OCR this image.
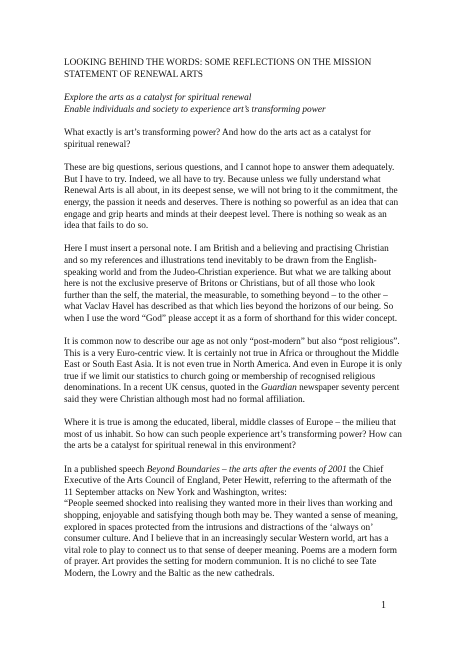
LOOKING BEHIND THE WORDS: SOME REFLECTIONS ON THE MISSION STATEMENT OF RENEWAL ARTS
Explore the arts as a catalyst for spiritual renewal
Enable individuals and society to experience art’s transforming power

What exactly is art’s transforming power? And how do the arts act as a catalyst for spiritual renewal?

These are big questions, serious questions, and I cannot hope to answer them adequately. But I have to try. Indeed, we all have to try. Because unless we fully understand what Renewal Arts is all about, in its deepest sense, we will not bring to it the commitment, the energy, the passion it needs and deserves. There is nothing so powerful as an idea that can engage and grip hearts and minds at their deepest level. There is nothing so weak as an idea that fails to do so.

Here I must insert a personal note. I am British and a believing and practising Christian and so my references and illustrations tend inevitably to be drawn from the English-speaking world and from the Judeo-Christian experience. But what we are talking about here is not the exclusive preserve of Britons or Christians, but of all those who look further than the self, the material, the measurable, to something beyond – to the other – what Vaclav Havel has described as that which lies beyond the horizons of our being. So when I use the word “God” please accept it as a form of shorthand for this wider concept.

It is common now to describe our age as not only “post-modern” but also “post religious”. This is a very Euro-centric view. It is certainly not true in Africa or throughout the Middle East or South East Asia. It is not even true in North America. And even in Europe it is only true if we limit our statistics to church going or membership of recognised religious denominations. In a recent UK census, quoted in the Guardian newspaper seventy percent said they were Christian although most had no formal affiliation.

Where it is true is among the educated, liberal, middle classes of Europe – the milieu that most of us inhabit. So how can such people experience art’s transforming power? How can the arts be a catalyst for spiritual renewal in this environment?

In a published speech Beyond Boundaries – the arts after the events of 2001 the Chief Executive of the Arts Council of England, Peter Hewitt, referring to the aftermath of the 11 September attacks on New York and Washington, writes:
“People seemed shocked into realising they wanted more in their lives than working and shopping, enjoyable and satisfying though both may be. They wanted a sense of meaning, explored in spaces protected from the intrusions and distractions of the ‘always on’ consumer culture. And I believe that in an increasingly secular Western world, art has a vital role to play to connect us to that sense of deeper meaning. Poems are a modern form of prayer. Art provides the setting for modern communion. It is no cliché to see Tate Modern, the Lowry and the Baltic as the new cathedrals.

1
